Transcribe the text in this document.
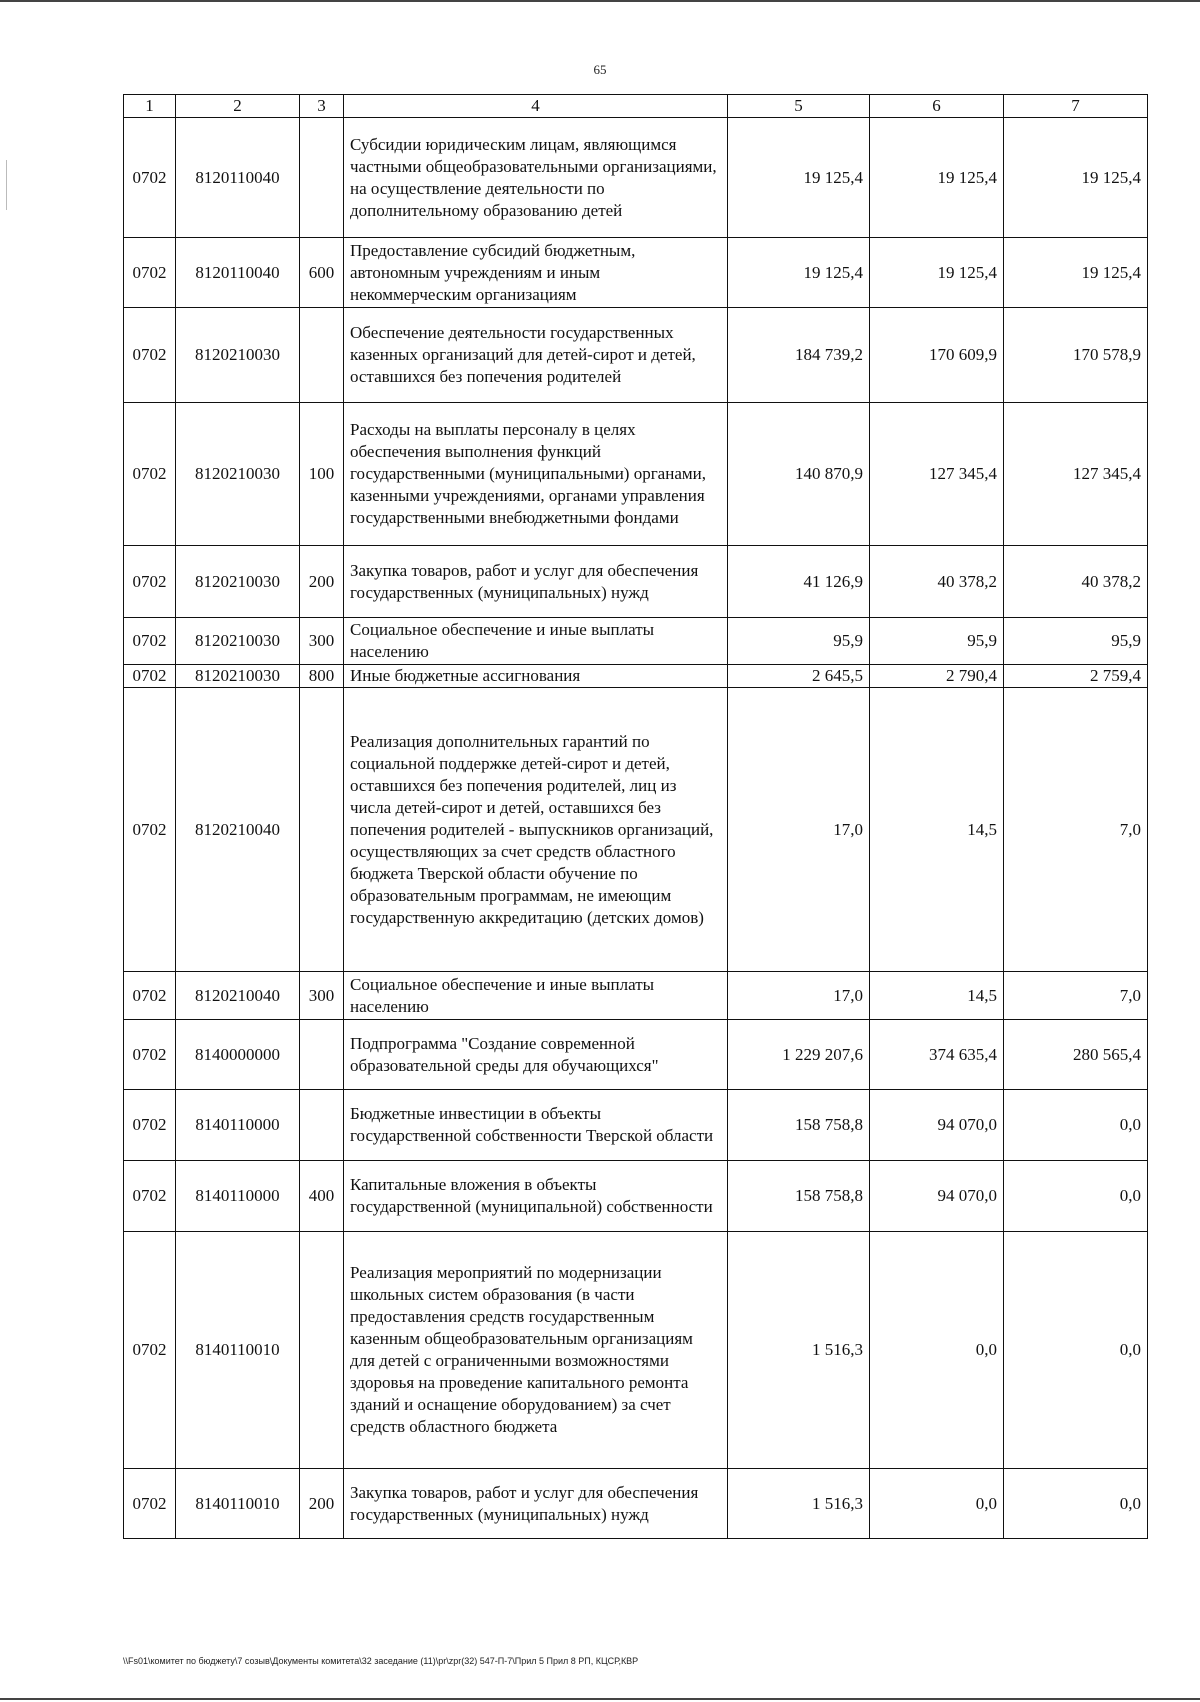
65
1	2	3	4	5	6	7
0702	8120110040		Субсидии юридическим лицам, являющимся частными общеобразовательными организациями, на осуществление деятельности по дополнительному образованию детей	19 125,4	19 125,4	19 125,4
0702	8120110040	600	Предоставление субсидий бюджетным, автономным учреждениям и иным некоммерческим организациям	19 125,4	19 125,4	19 125,4
0702	8120210030		Обеспечение деятельности государственных казенных организаций для детей-сирот и детей, оставшихся без попечения родителей	184 739,2	170 609,9	170 578,9
0702	8120210030	100	Расходы на выплаты персоналу в целях обеспечения выполнения функций государственными (муниципальными) органами, казенными учреждениями, органами управления государственными внебюджетными фондами	140 870,9	127 345,4	127 345,4
0702	8120210030	200	Закупка товаров, работ и услуг для обеспечения государственных (муниципальных) нужд	41 126,9	40 378,2	40 378,2
0702	8120210030	300	Социальное обеспечение и иные выплаты населению	95,9	95,9	95,9
0702	8120210030	800	Иные бюджетные ассигнования	2 645,5	2 790,4	2 759,4
0702	8120210040		Реализация дополнительных гарантий по социальной поддержке детей-сирот и детей, оставшихся без попечения родителей, лиц из числа детей-сирот и детей, оставшихся без попечения родителей - выпускников организаций, осуществляющих за счет средств областного бюджета Тверской области обучение по образовательным программам, не имеющим государственную аккредитацию (детских домов)	17,0	14,5	7,0
0702	8120210040	300	Социальное обеспечение и иные выплаты населению	17,0	14,5	7,0
0702	8140000000		Подпрограмма "Создание современной образовательной среды для обучающихся"	1 229 207,6	374 635,4	280 565,4
0702	8140110000		Бюджетные инвестиции в объекты государственной собственности Тверской области	158 758,8	94 070,0	0,0
0702	8140110000	400	Капитальные вложения в объекты государственной (муниципальной) собственности	158 758,8	94 070,0	0,0
0702	8140110010		Реализация мероприятий по модернизации школьных систем образования (в части предоставления средств государственным казенным общеобразовательным организациям для детей с ограниченными возможностями здоровья на проведение капитального ремонта зданий и оснащение оборудованием) за счет средств областного бюджета	1 516,3	0,0	0,0
0702	8140110010	200	Закупка товаров, работ и услуг для обеспечения государственных (муниципальных) нужд	1 516,3	0,0	0,0
\\Fs01\комитет по бюджету\7 созыв\Документы комитета\32 заседание (11)\pr\zpr(32) 547-П-7\Прил 5 Прил 8 РП, КЦСР,КВР
